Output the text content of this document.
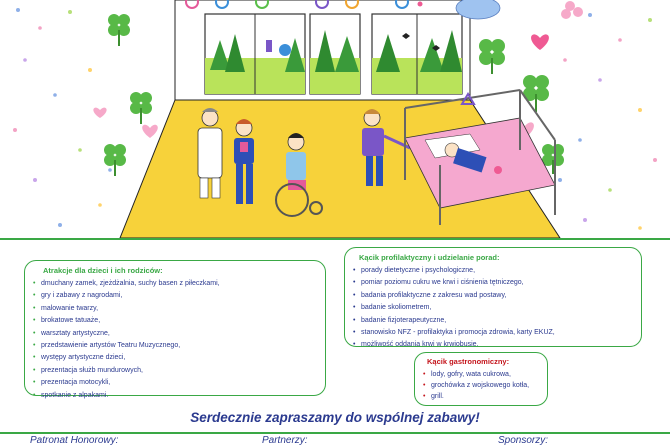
Atrakcje dla dzieci i ich rodziców:
• dmuchany zamek, zjeżdżalnia, suchy basen z piłeczkami,
• gry i zabawy z nagrodami,
• malowanie twarzy,
• brokatowe tatuaże,
• warsztaty artystyczne,
• przedstawienie artystów Teatru Muzycznego,
• występy artystyczne dzieci,
• prezentacja służb mundurowych,
• prezentacja motocykli,
• spotkanie z alpakami.
Kącik profilaktyczny i udzielanie porad:
• porady dietetyczne i psychologiczne,
• pomiar poziomu cukru we krwi i ciśnienia tętniczego,
• badania profilaktyczne z zakresu wad postawy,
• badanie skoliometrem,
• badanie fizjoterapeutyczne,
• stanowisko NFZ - profilaktyka i promocja zdrowia, karty EKUZ,
• możliwość oddania krwi w krwiobusie.
Kącik gastronomiczny:
• lody, gofry, wata cukrowa,
• grochówka z wojskowego kotła,
• grill.
Serdecznie zapraszamy do wspólnej zabawy!
Patronat Honorowy:	Partnerzy:	Sponsorzy:
